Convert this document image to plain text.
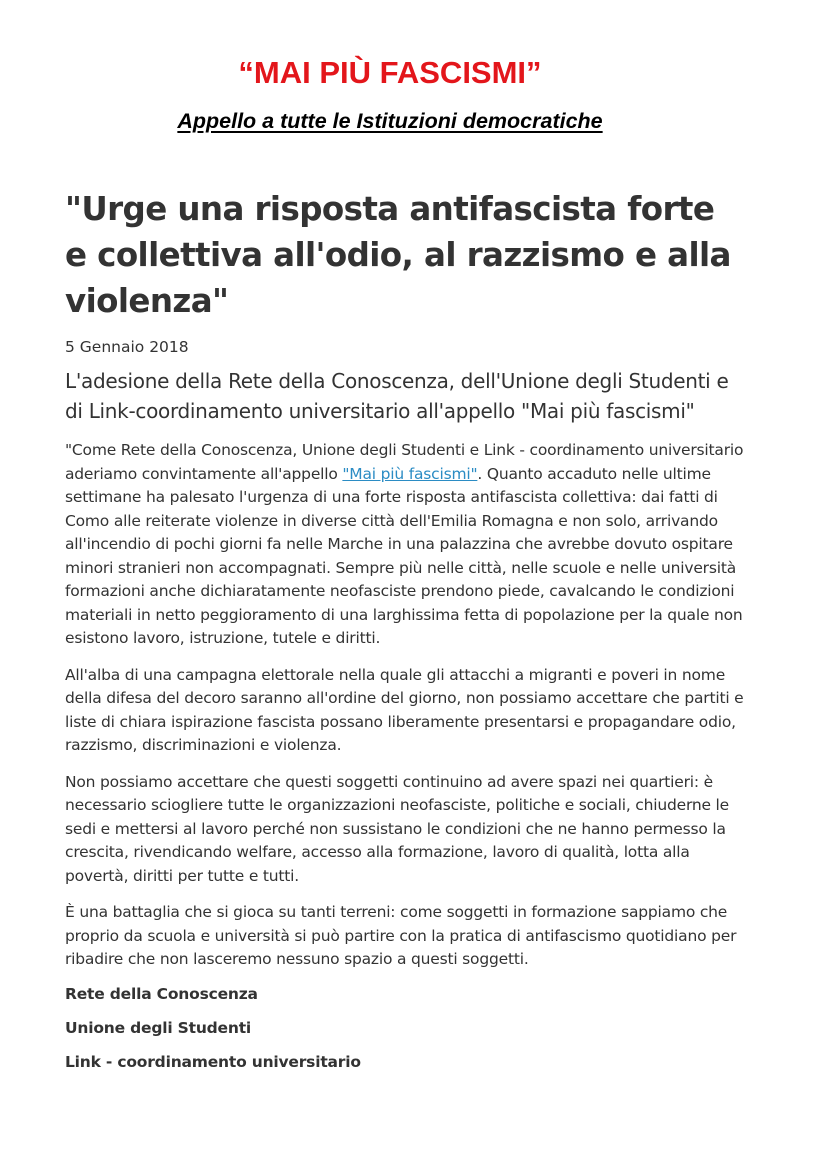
“MAI PIÙ FASCISMI”
Appello a tutte le Istituzioni democratiche
"Urge una risposta antifascista forte e collettiva all'odio, al razzismo e alla violenza"

5 Gennaio 2018

L'adesione della Rete della Conoscenza, dell'Unione degli Studenti e di Link-coordinamento universitario all'appello "Mai più fascismi"

"Come Rete della Conoscenza, Unione degli Studenti e Link - coordinamento universitario aderiamo convintamente all'appello "Mai più fascismi". Quanto accaduto nelle ultime settimane ha palesato l'urgenza di una forte risposta antifascista collettiva: dai fatti di Como alle reiterate violenze in diverse città dell'Emilia Romagna e non solo, arrivando all'incendio di pochi giorni fa nelle Marche in una palazzina che avrebbe dovuto ospitare minori stranieri non accompagnati. Sempre più nelle città, nelle scuole e nelle università formazioni anche dichiaratamente neofasciste prendono piede, cavalcando le condizioni materiali in netto peggioramento di una larghissima fetta di popolazione per la quale non esistono lavoro, istruzione, tutele e diritti.

All'alba di una campagna elettorale nella quale gli attacchi a migranti e poveri in nome della difesa del decoro saranno all'ordine del giorno, non possiamo accettare che partiti e liste di chiara ispirazione fascista possano liberamente presentarsi e propagandare odio, razzismo, discriminazioni e violenza.

Non possiamo accettare che questi soggetti continuino ad avere spazi nei quartieri: è necessario sciogliere tutte le organizzazioni neofasciste, politiche e sociali, chiuderne le sedi e mettersi al lavoro perché non sussistano le condizioni che ne hanno permesso la crescita, rivendicando welfare, accesso alla formazione, lavoro di qualità, lotta alla povertà, diritti per tutte e tutti.

È una battaglia che si gioca su tanti terreni: come soggetti in formazione sappiamo che proprio da scuola e università si può partire con la pratica di antifascismo quotidiano per ribadire che non lasceremo nessuno spazio a questi soggetti.

Rete della Conoscenza

Unione degli Studenti

Link - coordinamento universitario
